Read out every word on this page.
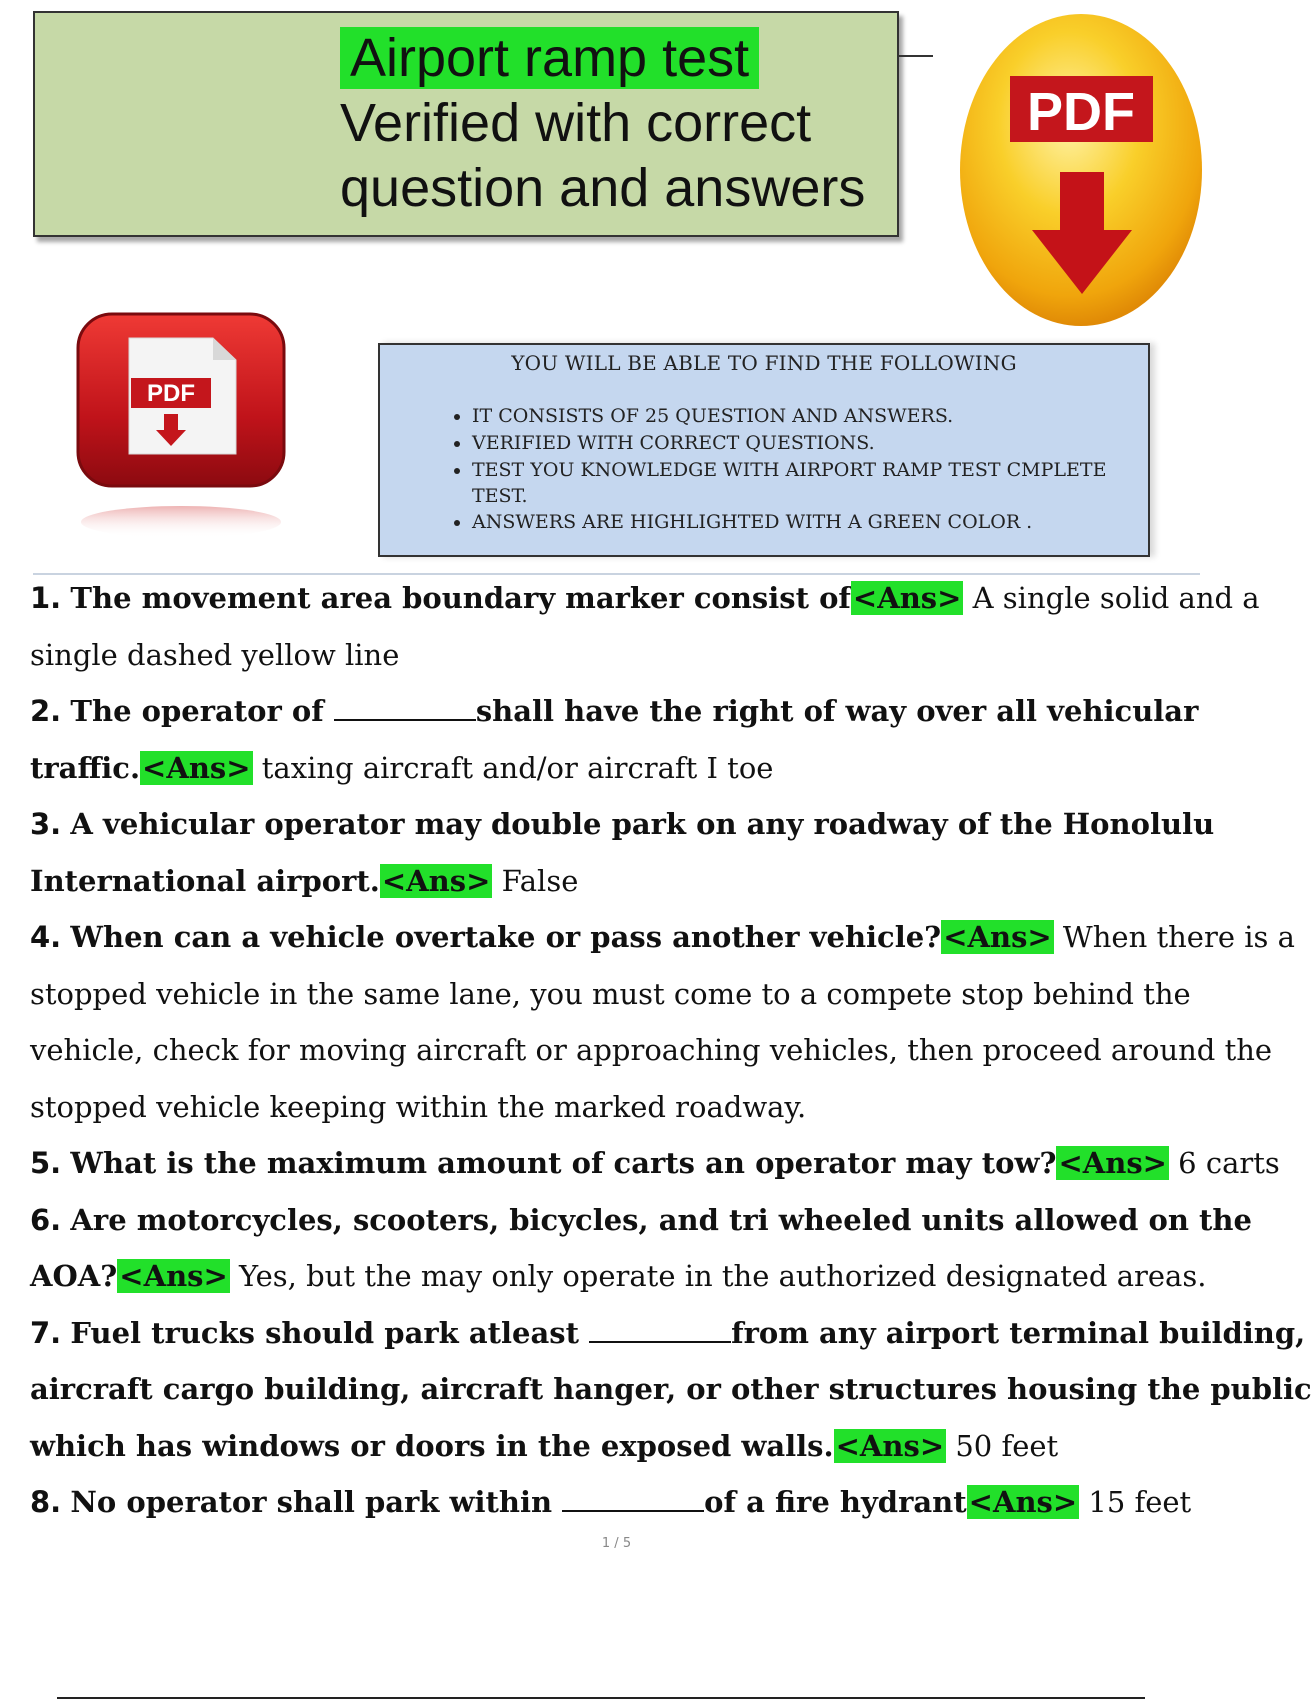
Airport ramp test
Verified with correct
question and answers
PDF
PDF
YOU WILL BE ABLE TO FIND THE FOLLOWING
• IT CONSISTS OF 25 QUESTION AND ANSWERS.
• VERIFIED WITH CORRECT QUESTIONS.
• TEST YOU KNOWLEDGE WITH AIRPORT RAMP TEST CMPLETE TEST.
• ANSWERS ARE HIGHLIGHTED WITH A GREEN COLOR .
1. The movement area boundary marker consist of<Ans> A single solid and a
single dashed yellow line
2. The operator of	shall have the right of way over all vehicular
traffic.<Ans> taxing aircraft and/or aircraft I toe
3. A vehicular operator may double park on any roadway of the Honolulu
International airport.<Ans> False
4. When can a vehicle overtake or pass another vehicle?<Ans> When there is a
stopped vehicle in the same lane, you must come to a compete stop behind the
vehicle, check for moving aircraft or approaching vehicles, then proceed around the
stopped vehicle keeping within the marked roadway.
5. What is the maximum amount of carts an operator may tow?<Ans> 6 carts
6. Are motorcycles, scooters, bicycles, and tri wheeled units allowed on the
AOA?<Ans> Yes, but the may only operate in the authorized designated areas.
7. Fuel trucks should park atleast	from any airport terminal building,
aircraft cargo building, aircraft hanger, or other structures housing the public
which has windows or doors in the exposed walls.<Ans> 50 feet
8. No operator shall park within	of a fire hydrant<Ans> 15 feet
1 / 5
